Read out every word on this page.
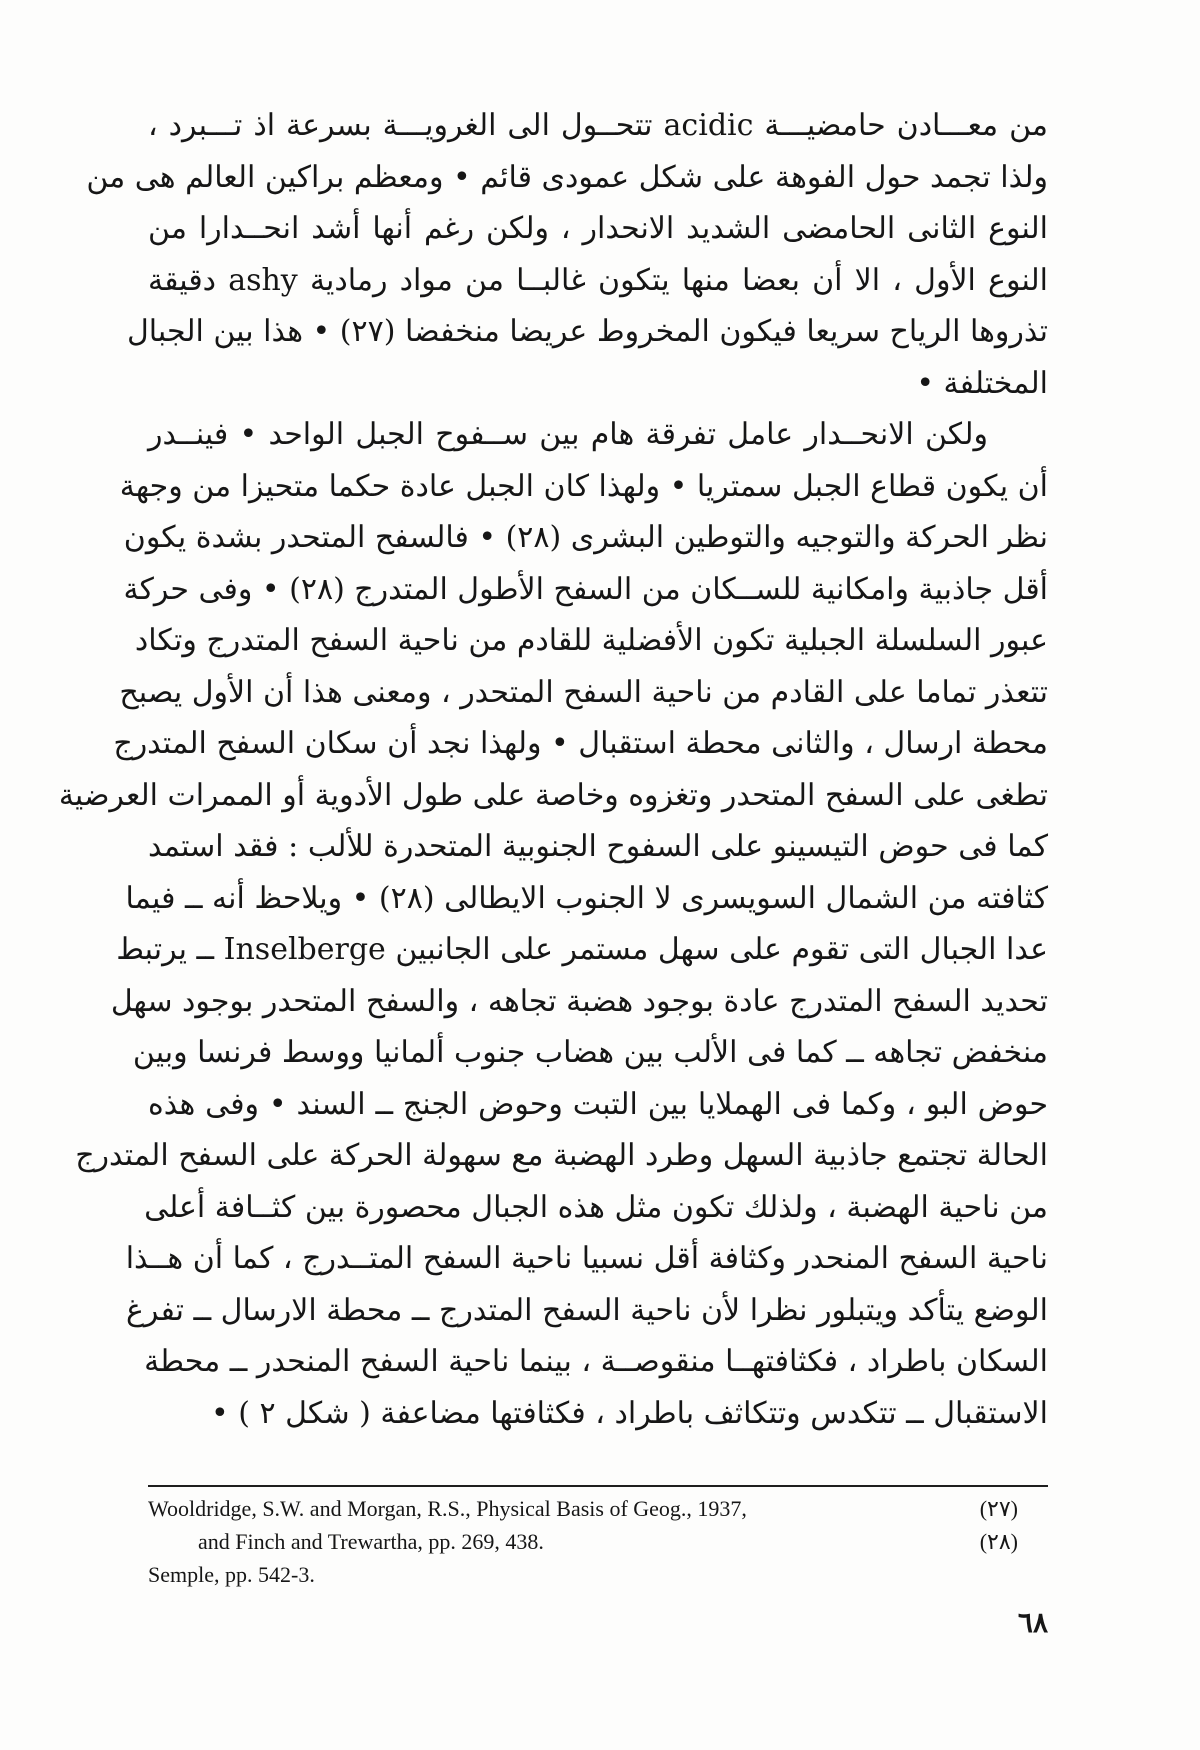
من معـــادن حامضيـــة acidic تتحــول الى الغرويـــة بسرعة اذ تـــبرد ،
ولذا تجمد حول الفوهة على شكل عمودى قائم • ومعظم براكين العالم هى من
النوع الثانى الحامضى الشديد الانحدار ، ولكن رغم أنها أشد انحــدارا من
النوع الأول ، الا أن بعضا منها يتكون غالبــا من مواد رمادية ashy دقيقة
تذروها الرياح سريعا فيكون المخروط عريضا منخفضا (٢٧) • هذا بين الجبال
المختلفة •
ولكن الانحــدار عامل تفرقة هام بين ســفوح الجبل الواحد • فينــدر
أن يكون قطاع الجبل سمتريا • ولهذا كان الجبل عادة حكما متحيزا من وجهة
نظر الحركة والتوجيه والتوطين البشرى (٢٨) • فالسفح المتحدر بشدة يكون
أقل جاذبية وامكانية للســكان من السفح الأطول المتدرج (٢٨) • وفى حركة
عبور السلسلة الجبلية تكون الأفضلية للقادم من ناحية السفح المتدرج وتكاد
تتعذر تماما على القادم من ناحية السفح المتحدر ، ومعنى هذا أن الأول يصبح
محطة ارسال ، والثانى محطة استقبال • ولهذا نجد أن سكان السفح المتدرج
تطغى على السفح المتحدر وتغزوه وخاصة على طول الأدوية أو الممرات العرضية
كما فى حوض التيسينو على السفوح الجنوبية المتحدرة للألب : فقد استمد
كثافته من الشمال السويسرى لا الجنوب الايطالى (٢٨) • ويلاحظ أنه ــ فيما
عدا الجبال التى تقوم على سهل مستمر على الجانبين Inselberge ــ يرتبط
تحديد السفح المتدرج عادة بوجود هضبة تجاهه ، والسفح المتحدر بوجود سهل
منخفض تجاهه ــ كما فى الألب بين هضاب جنوب ألمانيا ووسط فرنسا وبين
حوض البو ، وكما فى الهملايا بين التبت وحوض الجنج ــ السند • وفى هذه
الحالة تجتمع جاذبية السهل وطرد الهضبة مع سهولة الحركة على السفح المتدرج
من ناحية الهضبة ، ولذلك تكون مثل هذه الجبال محصورة بين كثــافة أعلى
ناحية السفح المنحدر وكثافة أقل نسبيا ناحية السفح المتــدرج ، كما أن هــذا
الوضع يتأكد ويتبلور نظرا لأن ناحية السفح المتدرج ــ محطة الارسال ــ تفرغ
السكان باطراد ، فكثافتهــا منقوصــة ، بينما ناحية السفح المنحدر ــ محطة
الاستقبال ــ تتكدس وتتكاثف باطراد ، فكثافتها مضاعفة ( شكل ٢ ) •
Wooldridge, S.W. and Morgan, R.S., Physical Basis of Geog., 1937,	(٢٧)
and Finch and Trewartha, pp. 269, 438.	(٢٨)
Semple, pp. 542-3.
٦٨
